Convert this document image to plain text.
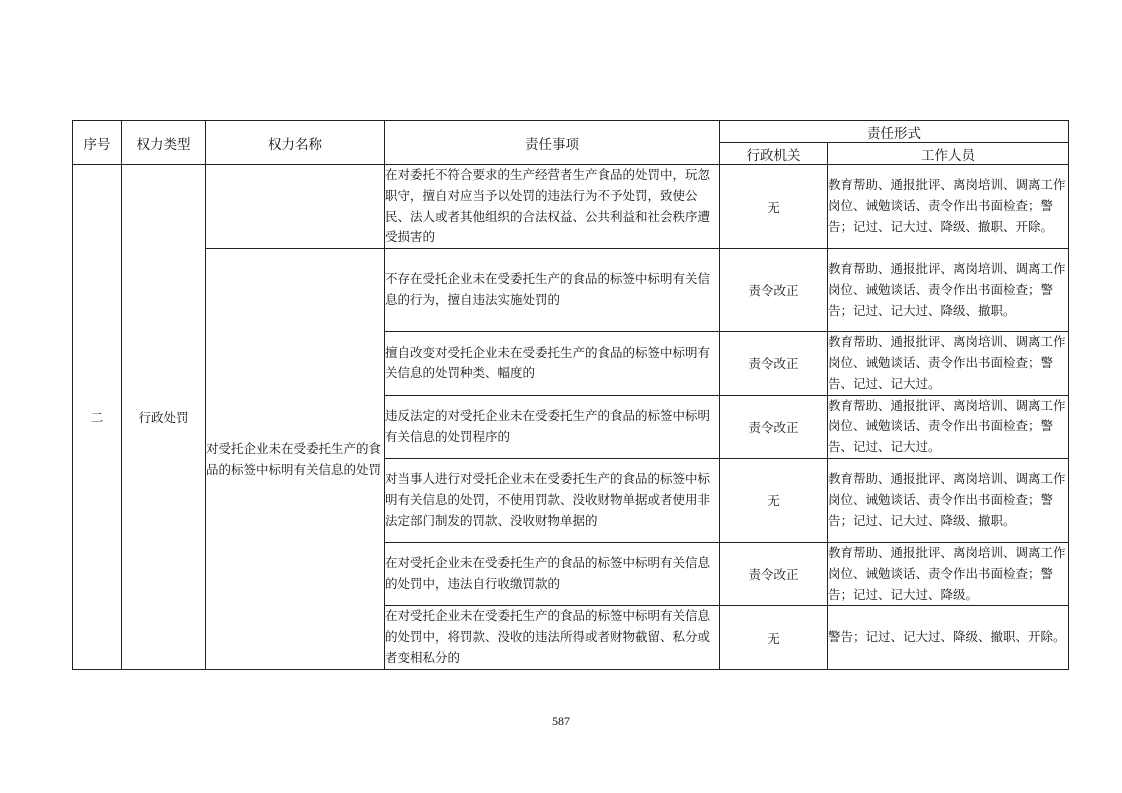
序号	权力类型	权力名称	责任事项	责任形式	
				行政机关	工作人员
二	行政处罚		在对委托不符合要求的生产经营者生产食品的处罚中，玩忽职守，擅自对应当予以处罚的违法行为不予处罚，致使公民、法人或者其他组织的合法权益、公共利益和社会秩序遭受损害的	无	教育帮助、通报批评、离岗培训、调离工作岗位、诫勉谈话、责令作出书面检查；警告；记过、记大过、降级、撤职、开除。
		对受托企业未在受委托生产的食品的标签中标明有关信息的处罚	不存在受托企业未在受委托生产的食品的标签中标明有关信息的行为，擅自违法实施处罚的	责令改正	教育帮助、通报批评、离岗培训、调离工作岗位、诫勉谈话、责令作出书面检查；警告；记过、记大过、降级、撤职。
			擅自改变对受托企业未在受委托生产的食品的标签中标明有关信息的处罚种类、幅度的	责令改正	教育帮助、通报批评、离岗培训、调离工作岗位、诫勉谈话、责令作出书面检查；警告、记过、记大过。
			违反法定的对受托企业未在受委托生产的食品的标签中标明有关信息的处罚程序的	责令改正	教育帮助、通报批评、离岗培训、调离工作岗位、诫勉谈话、责令作出书面检查；警告、记过、记大过。
			对当事人进行对受托企业未在受委托生产的食品的标签中标明有关信息的处罚，不使用罚款、没收财物单据或者使用非法定部门制发的罚款、没收财物单据的	无	教育帮助、通报批评、离岗培训、调离工作岗位、诫勉谈话、责令作出书面检查；警告；记过、记大过、降级、撤职。
			在对受托企业未在受委托生产的食品的标签中标明有关信息的处罚中，违法自行收缴罚款的	责令改正	教育帮助、通报批评、离岗培训、调离工作岗位、诫勉谈话、责令作出书面检查；警告；记过、记大过、降级。
			在对受托企业未在受委托生产的食品的标签中标明有关信息的处罚中，将罚款、没收的违法所得或者财物截留、私分或者变相私分的	无	警告；记过、记大过、降级、撤职、开除。
587
